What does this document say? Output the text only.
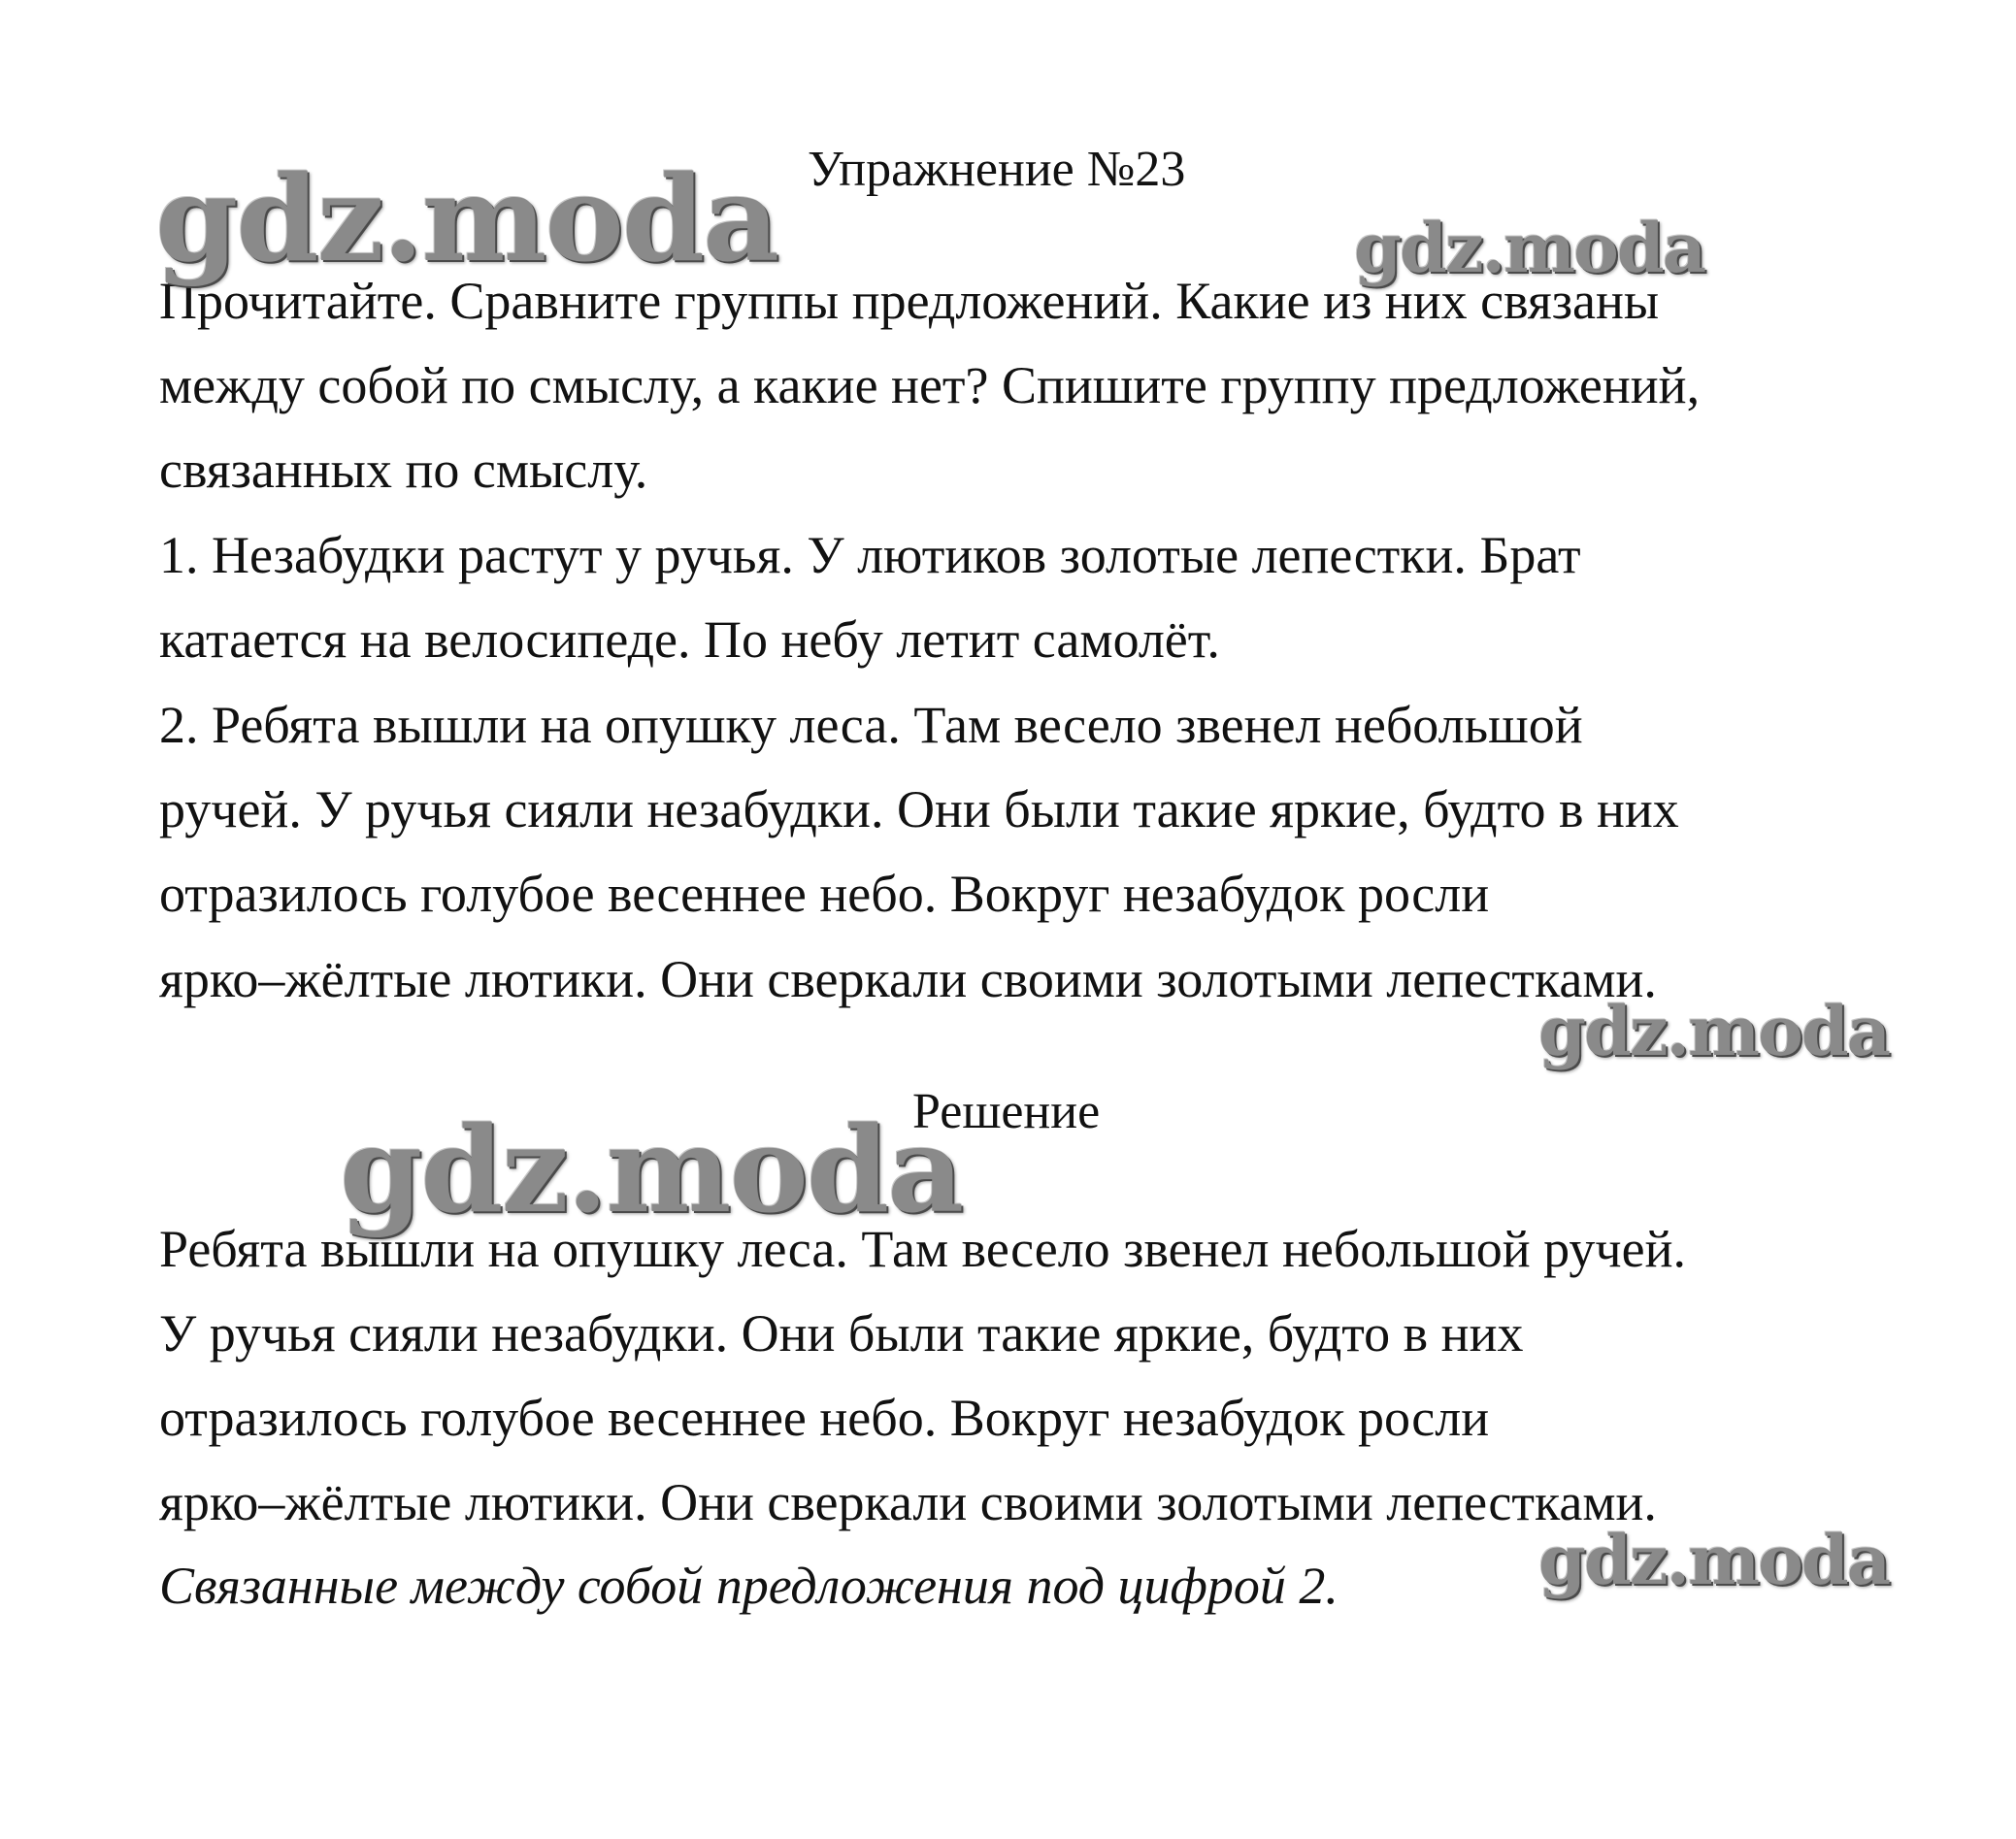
Упражнение №23
Прочитайте. Сравните группы предложений. Какие из них связаны
между собой по смыслу, а какие нет? Спишите группу предложений,
связанных по смыслу.
1. Незабудки растут у ручья. У лютиков золотые лепестки. Брат
катается на велосипеде. По небу летит самолёт.
2. Ребята вышли на опушку леса. Там весело звенел небольшой
ручей. У ручья сияли незабудки. Они были такие яркие, будто в них
отразилось голубое весеннее небо. Вокруг незабудок росли
ярко–жёлтые лютики. Они сверкали своими золотыми лепестками.
Решение
Ребята вышли на опушку леса. Там весело звенел небольшой ручей.
У ручья сияли незабудки. Они были такие яркие, будто в них
отразилось голубое весеннее небо. Вокруг незабудок росли
ярко–жёлтые лютики. Они сверкали своими золотыми лепестками.
Связанные между собой предложения под цифрой 2.
gdz.moda	gdz.moda
gdz.moda
gdz.moda
gdz.moda
